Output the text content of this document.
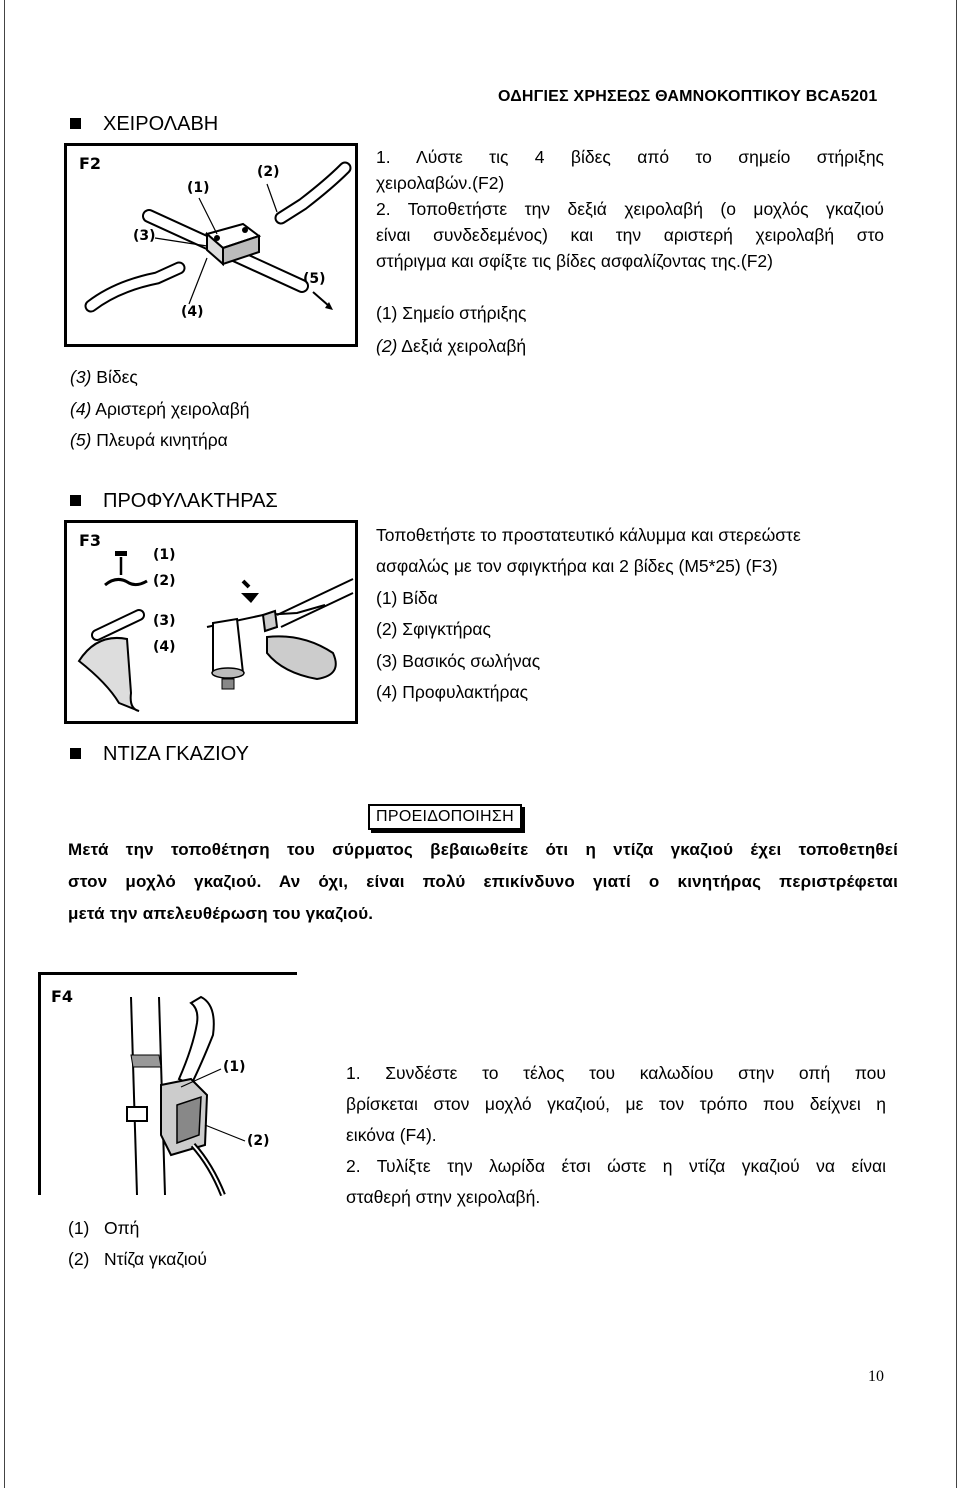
ΟΔΗΓΙΕΣ ΧΡΗΣΕΩΣ ΘΑΜΝΟΚΟΠΤΙΚΟΥ BCA5201
ΧΕΙΡΟΛΑΒΗ
F2
(1)
(2)
(3)
(4)
(5)
1. Λύστε τις 4 βίδες από το σημείο στήριξης
χειρολαβών.(F2)
2. Τοποθετήστε την δεξιά χειρολαβή (ο μοχλός γκαζιού
είναι συνδεδεμένος) και την αριστερή χειρολαβή στο
στήριγμα και σφίξτε τις βίδες ασφαλίζοντας της.(F2)
(1) Σημείο στήριξης
(2) Δεξιά χειρολαβή
(3) Βίδες
(4) Αριστερή χειρολαβή
(5) Πλευρά κινητήρα
ΠΡΟΦΥΛΑΚΤΗΡΑΣ
F3
(1)
(2)
(3)
(4)
Τοποθετήστε το προστατευτικό κάλυμμα και στερεώστε
ασφαλώς με τον σφιγκτήρα και 2 βίδες (M5*25) (F3)
(1) Βίδα
(2) Σφιγκτήρας
(3) Βασικός σωλήνας
(4) Προφυλακτήρας
ΝΤΙΖΑ ΓΚΑΖΙΟΥ
ΠΡΟΕΙΔΟΠΟΙΗΣΗ
Μετά την τοποθέτηση του σύρματος βεβαιωθείτε ότι η ντίζα γκαζιού έχει τοποθετηθεί
στον μοχλό γκαζιού. Αν όχι, είναι πολύ επικίνδυνο γιατί ο κινητήρας περιστρέφεται
μετά την απελευθέρωση του γκαζιού.
F4
(1)
(2)
(1) Οπή
(2) Ντίζα γκαζιού
1. Συνδέστε το τέλος του καλωδίου στην οπή που
βρίσκεται στον μοχλό γκαζιού, με τον τρόπο που δείχνει η
εικόνα (F4).
2. Τυλίξτε την λωρίδα έτσι ώστε η ντίζα γκαζιού να είναι
σταθερή στην χειρολαβή.
10
